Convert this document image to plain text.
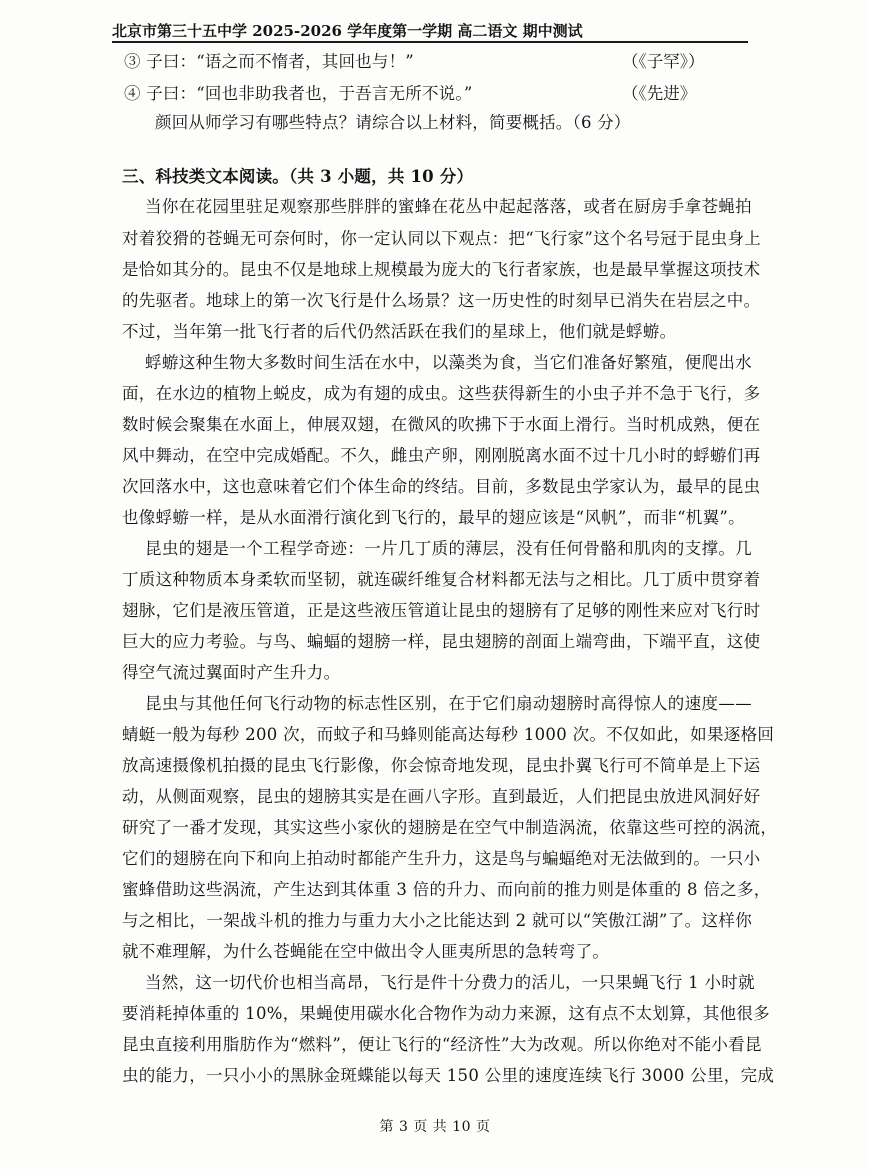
北京市第三十五中学 2025-2026 学年度第一学期 高二语文 期中测试
③ 子曰：“语之而不惰者，其回也与！”	（《子罕》）
④ 子曰：“回也非助我者也，于吾言无所不说。”	（《先进》
颜回从师学习有哪些特点？请综合以上材料，简要概括。（6 分）
三、科技类文本阅读。（共 3 小题，共 10 分）
当你在花园里驻足观察那些胖胖的蜜蜂在花丛中起起落落，或者在厨房手拿苍蝇拍
对着狡猾的苍蝇无可奈何时，你一定认同以下观点：把“飞行家”这个名号冠于昆虫身上
是恰如其分的。昆虫不仅是地球上规模最为庞大的飞行者家族，也是最早掌握这项技术
的先驱者。地球上的第一次飞行是什么场景？这一历史性的时刻早已消失在岩层之中。
不过，当年第一批飞行者的后代仍然活跃在我们的星球上，他们就是蜉蝣。
蜉蝣这种生物大多数时间生活在水中，以藻类为食，当它们准备好繁殖，便爬出水
面，在水边的植物上蜕皮，成为有翅的成虫。这些获得新生的小虫子并不急于飞行，多
数时候会聚集在水面上，伸展双翅，在微风的吹拂下于水面上滑行。当时机成熟，便在
风中舞动，在空中完成婚配。不久，雌虫产卵，刚刚脱离水面不过十几小时的蜉蝣们再
次回落水中，这也意味着它们个体生命的终结。目前，多数昆虫学家认为，最早的昆虫
也像蜉蝣一样，是从水面滑行演化到飞行的，最早的翅应该是“风帆”，而非“机翼”。
昆虫的翅是一个工程学奇迹：一片几丁质的薄层，没有任何骨骼和肌肉的支撑。几
丁质这种物质本身柔软而坚韧，就连碳纤维复合材料都无法与之相比。几丁质中贯穿着
翅脉，它们是液压管道，正是这些液压管道让昆虫的翅膀有了足够的刚性来应对飞行时
巨大的应力考验。与鸟、蝙蝠的翅膀一样，昆虫翅膀的剖面上端弯曲，下端平直，这使
得空气流过翼面时产生升力。
昆虫与其他任何飞行动物的标志性区别，在于它们扇动翅膀时高得惊人的速度——
蜻蜓一般为每秒 200 次，而蚊子和马蜂则能高达每秒 1000 次。不仅如此，如果逐格回
放高速摄像机拍摄的昆虫飞行影像，你会惊奇地发现，昆虫扑翼飞行可不简单是上下运
动，从侧面观察，昆虫的翅膀其实是在画八字形。直到最近，人们把昆虫放进风洞好好
研究了一番才发现，其实这些小家伙的翅膀是在空气中制造涡流，依靠这些可控的涡流，
它们的翅膀在向下和向上拍动时都能产生升力，这是鸟与蝙蝠绝对无法做到的。一只小
蜜蜂借助这些涡流，产生达到其体重 3 倍的升力、而向前的推力则是体重的 8 倍之多，
与之相比，一架战斗机的推力与重力大小之比能达到 2 就可以“笑傲江湖”了。这样你
就不难理解，为什么苍蝇能在空中做出令人匪夷所思的急转弯了。
当然，这一切代价也相当高昂，飞行是件十分费力的活儿，一只果蝇飞行 1 小时就
要消耗掉体重的 10%，果蝇使用碳水化合物作为动力来源，这有点不太划算，其他很多
昆虫直接利用脂肪作为“燃料”，便让飞行的“经济性”大为改观。所以你绝对不能小看昆
虫的能力，一只小小的黑脉金斑蝶能以每天 150 公里的速度连续飞行 3000 公里，完成
第 3 页 共 10 页
